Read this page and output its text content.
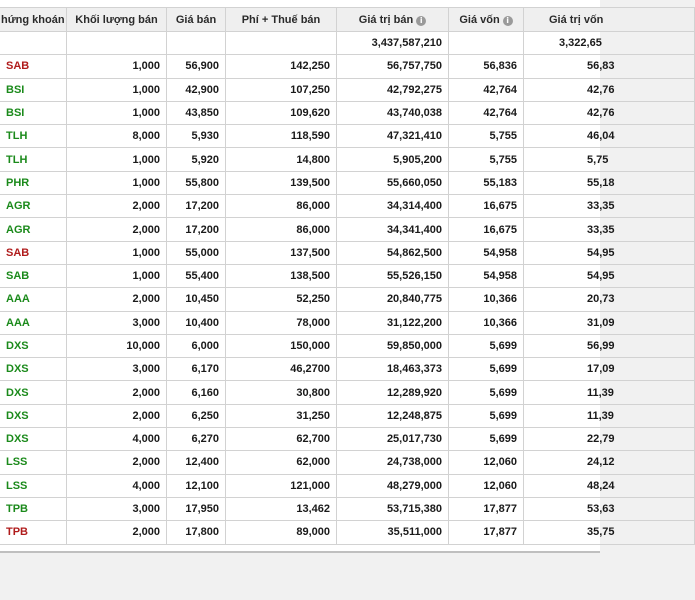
hứng khoán	Khối lượng bán	Giá bán	Phí + Thuế bán	Giá trị bán i	Giá vốn i	Giá trị vốn
				3,437,587,210		3,322,65
SAB	1,000	56,900	142,250	56,757,750	56,836	56,83
BSI	1,000	42,900	107,250	42,792,275	42,764	42,76
BSI	1,000	43,850	109,620	43,740,038	42,764	42,76
TLH	8,000	5,930	118,590	47,321,410	5,755	46,04
TLH	1,000	5,920	14,800	5,905,200	5,755	5,75
PHR	1,000	55,800	139,500	55,660,050	55,183	55,18
AGR	2,000	17,200	86,000	34,314,400	16,675	33,35
AGR	2,000	17,200	86,000	34,341,400	16,675	33,35
SAB	1,000	55,000	137,500	54,862,500	54,958	54,95
SAB	1,000	55,400	138,500	55,526,150	54,958	54,95
AAA	2,000	10,450	52,250	20,840,775	10,366	20,73
AAA	3,000	10,400	78,000	31,122,200	10,366	31,09
DXS	10,000	6,000	150,000	59,850,000	5,699	56,99
DXS	3,000	6,170	46,2700	18,463,373	5,699	17,09
DXS	2,000	6,160	30,800	12,289,920	5,699	11,39
DXS	2,000	6,250	31,250	12,248,875	5,699	11,39
DXS	4,000	6,270	62,700	25,017,730	5,699	22,79
LSS	2,000	12,400	62,000	24,738,000	12,060	24,12
LSS	4,000	12,100	121,000	48,279,000	12,060	48,24
TPB	3,000	17,950	13,462	53,715,380	17,877	53,63
TPB	2,000	17,800	89,000	35,511,000	17,877	35,75
